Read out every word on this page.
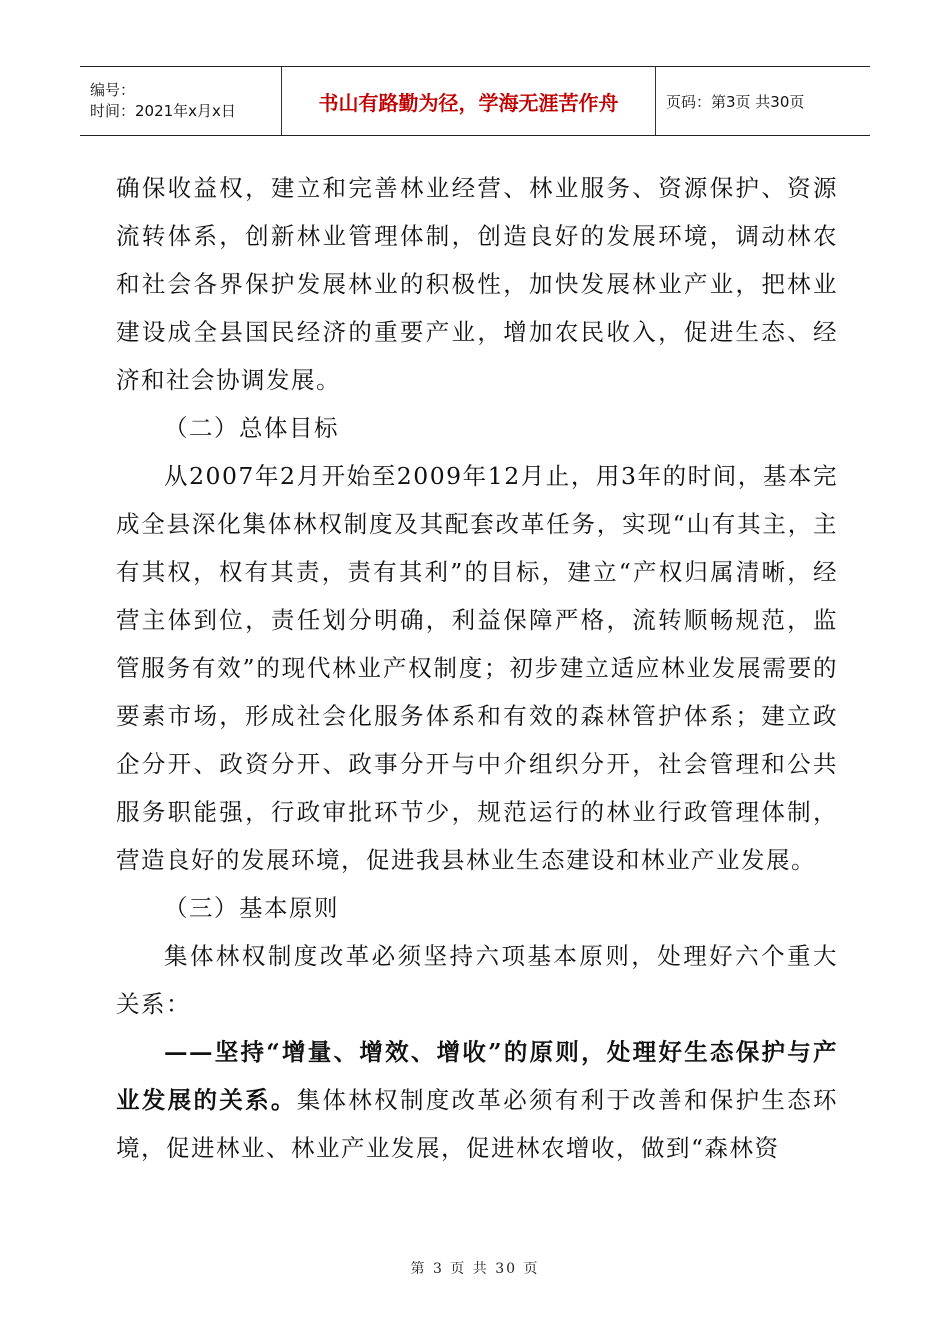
编号：
时间：2021年x月x日	书山有路勤为径，学海无涯苦作舟	页码：第3页 共30页

确保收益权，建立和完善林业经营、林业服务、资源保护、资源流转体系，创新林业管理体制，创造良好的发展环境，调动林农和社会各界保护发展林业的积极性，加快发展林业产业，把林业建设成全县国民经济的重要产业，增加农民收入，促进生态、经济和社会协调发展。

（二）总体目标

从2007年2月开始至2009年12月止，用3年的时间，基本完成全县深化集体林权制度及其配套改革任务，实现“山有其主，主有其权，权有其责，责有其利”的目标，建立“产权归属清晰，经营主体到位，责任划分明确，利益保障严格，流转顺畅规范，监管服务有效”的现代林业产权制度；初步建立适应林业发展需要的要素市场，形成社会化服务体系和有效的森林管护体系；建立政企分开、政资分开、政事分开与中介组织分开，社会管理和公共服务职能强，行政审批环节少，规范运行的林业行政管理体制，营造良好的发展环境，促进我县林业生态建设和林业产业发展。

（三）基本原则

集体林权制度改革必须坚持六项基本原则，处理好六个重大关系：

——坚持“增量、增效、增收”的原则，处理好生态保护与产业发展的关系。集体林权制度改革必须有利于改善和保护生态环境，促进林业、林业产业发展，促进林农增收，做到“森林资

第 3 页 共 30 页
